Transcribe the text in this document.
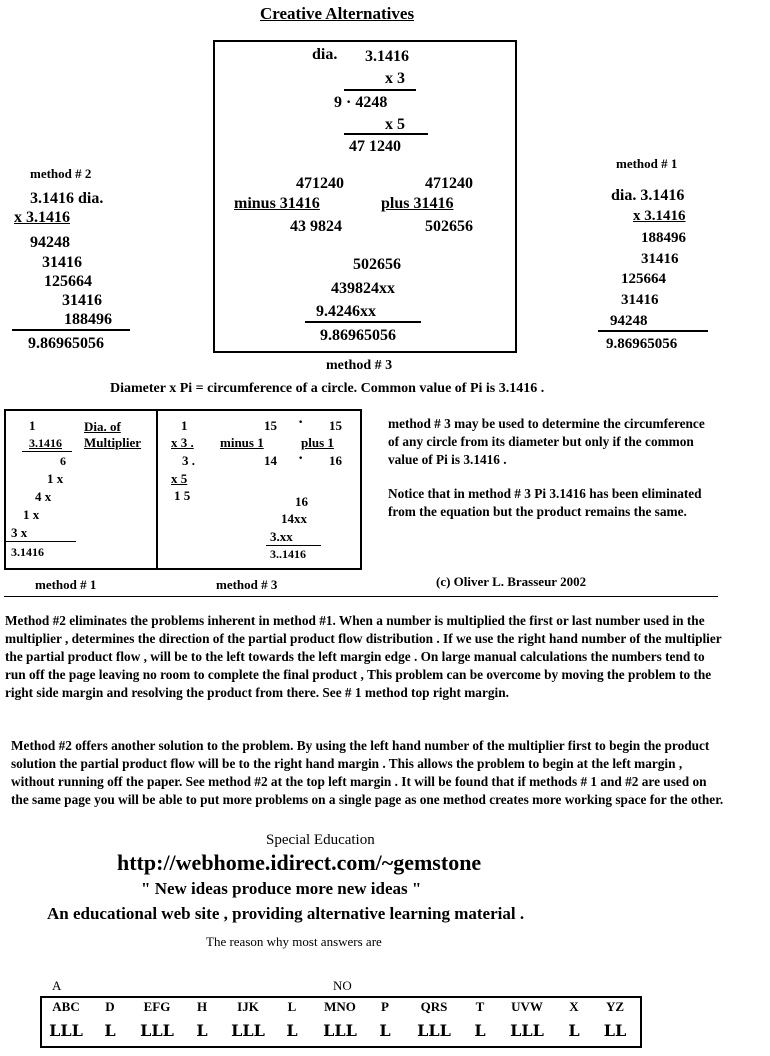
Creative Alternatives
dia. 3.1416
x 3
9 · 4248
x 5
47 1240
471240
minus 31416
43 9824
471240
plus 31416
502656
502656
439824xx
9.4246xx
9.86965056
method # 3
method # 2
3.1416 dia.
x 3.1416
94248
31416
125664
31416
188496
9.86965056
method # 1
dia. 3.1416
x 3.1416
188496
31416
125664
31416
94248
9.86965056
Diameter x Pi = circumference of a circle. Common value of Pi is 3.1416 .
1
3.1416
6
1 x
4 x
1 x
3 x
3.1416
Dia. of
Multiplier
1
x 3 .
3 .
x 5
1 5
15
minus 1
14
·
·
15
plus 1
16
16
14xx
3.xx
3..1416
method # 1	method # 3
method # 3 may be used to determine the circumference of any circle from its diameter but only if the common value of Pi is 3.1416 .
Notice that in method # 3 Pi 3.1416 has been eliminated from the equation but the product remains the same.
(c) Oliver L. Brasseur 2002
Method #2 eliminates the problems inherent in method #1. When a number is multiplied the first or last number used in the multiplier , determines the direction of the partial product flow distribution . If we use the right hand number of the multiplier the partial product flow , will be to the left towards the left margin edge . On large manual calculations the numbers tend to run off the page leaving no room to complete the final product , This problem can be overcome by moving the problem to the right side margin and resolving the product from there. See # 1 method top right margin.
Method #2 offers another solution to the problem. By using the left hand number of the multiplier first to begin the product solution the partial product flow will be to the right hand margin . This allows the problem to begin at the left margin , without running off the paper. See method #2 at the top left margin . It will be found that if methods # 1 and #2 are used on the same page you will be able to put more problems on a single page as one method creates more working space for the other.
Special Education
http://webhome.idirect.com/~gemstone
" New ideas produce more new ideas "
An educational web site , providing alternative learning material .
The reason why most answers are
A	NO
ABC	D	EFG	H	IJK	L	MNO	P	QRS	T	UVW	X	YZ
ⅬⅬⅬ	Ⅼ	ⅬⅬⅬ	Ⅼ	ⅬⅬⅬ	Ⅼ	ⅬⅬⅬ	Ⅼ	ⅬⅬⅬ	Ⅼ	ⅬⅬⅬ	Ⅼ	ⅬⅬ
